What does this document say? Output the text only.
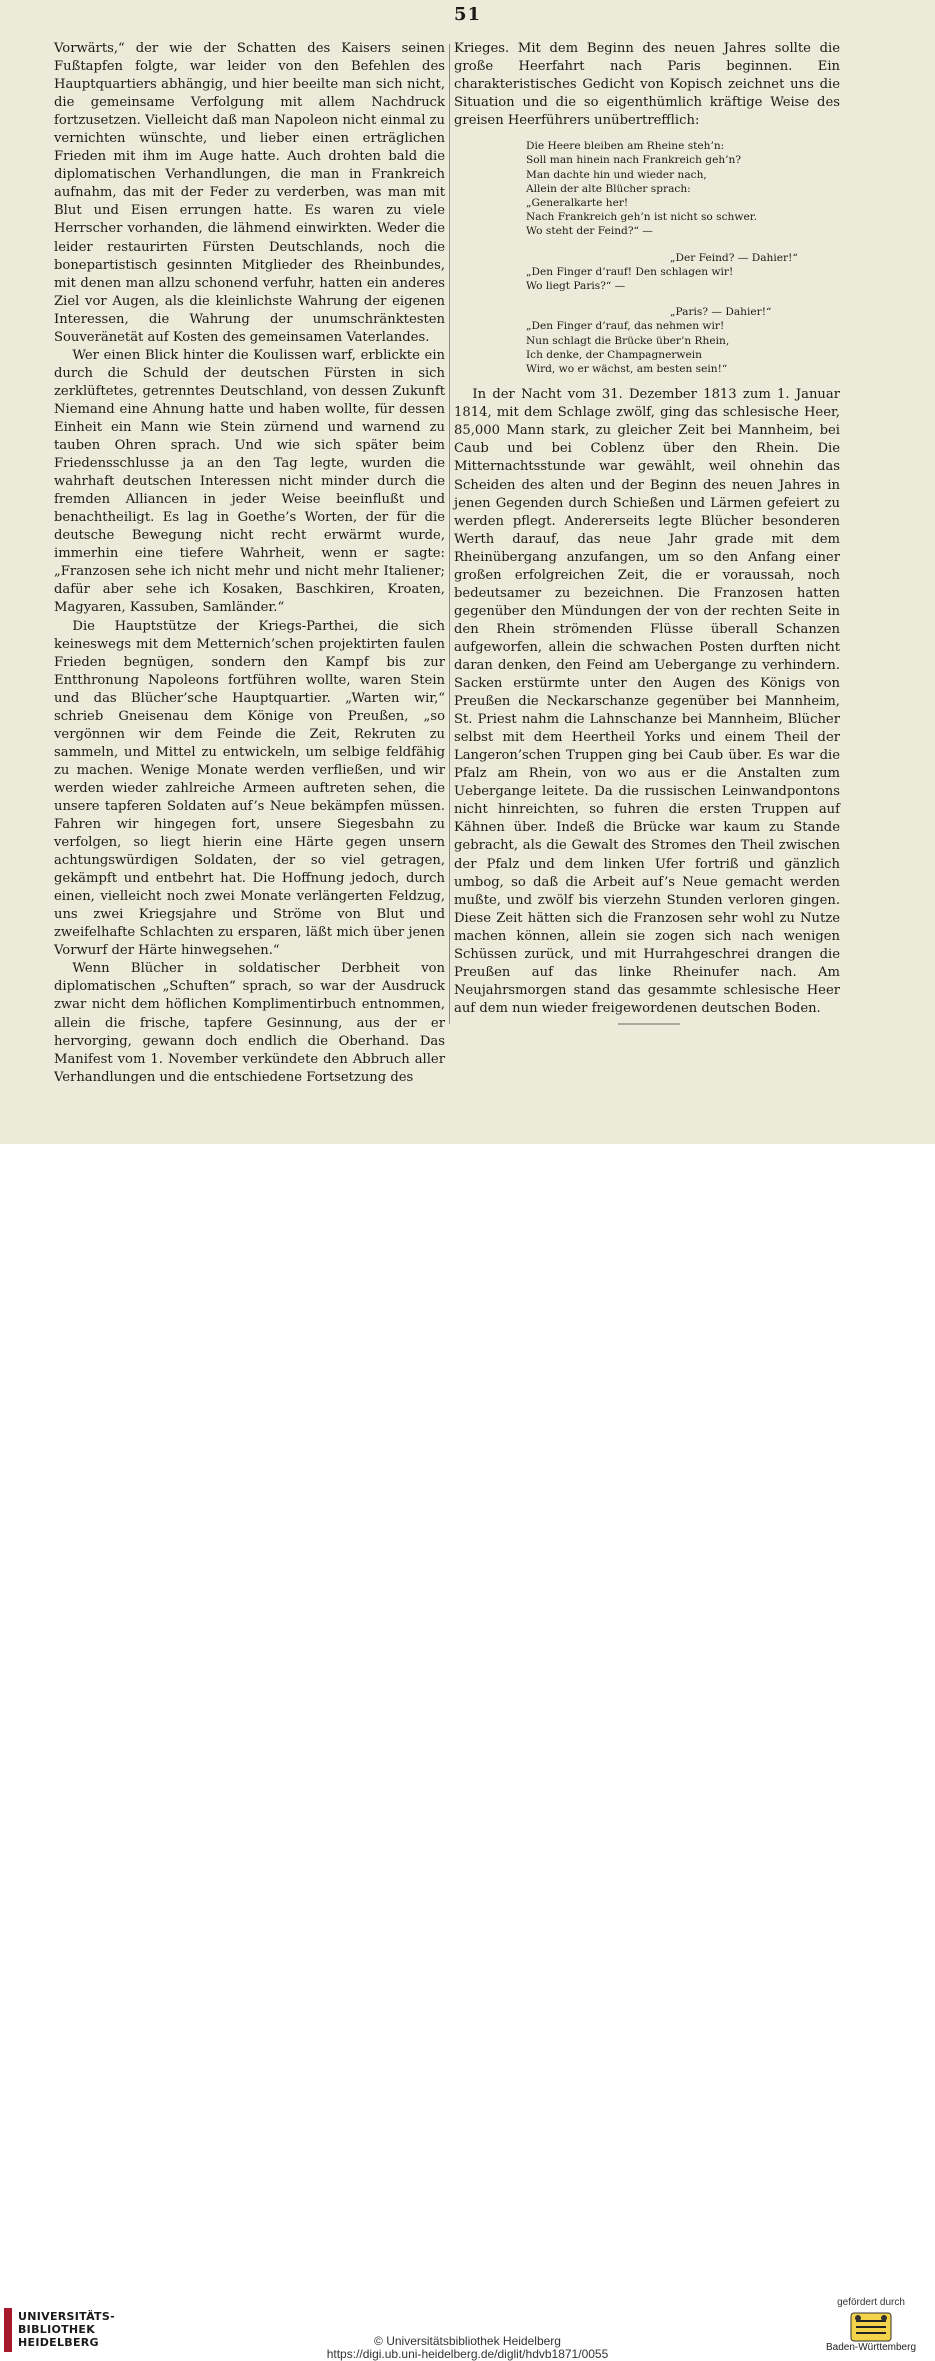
51

Vorwärts,“ der wie der Schatten des Kaisers seinen Fußtapfen folgte, war leider von den Befehlen des Hauptquartiers abhängig, und hier beeilte man sich nicht, die gemeinsame Verfolgung mit allem Nachdruck fortzusetzen. Vielleicht daß man Napoleon nicht einmal zu vernichten wünschte, und lieber einen erträglichen Frieden mit ihm im Auge hatte. Auch drohten bald die diplomatischen Verhandlungen, die man in Frankreich aufnahm, das mit der Feder zu verderben, was man mit Blut und Eisen errungen hatte. Es waren zu viele Herrscher vorhanden, die lähmend einwirkten. Weder die leider restaurirten Fürsten Deutschlands, noch die bonepartistisch gesinnten Mitglieder des Rheinbundes, mit denen man allzu schonend verfuhr, hatten ein anderes Ziel vor Augen, als die kleinlichste Wahrung der eigenen Interessen, die Wahrung der unumschränktesten Souveränetät auf Kosten des gemeinsamen Vaterlandes.

Wer einen Blick hinter die Koulissen warf, erblickte ein durch die Schuld der deutschen Fürsten in sich zerklüftetes, getrenntes Deutschland, von dessen Zukunft Niemand eine Ahnung hatte und haben wollte, für dessen Einheit ein Mann wie Stein zürnend und warnend zu tauben Ohren sprach. Und wie sich später beim Friedensschlusse ja an den Tag legte, wurden die wahrhaft deutschen Interessen nicht minder durch die fremden Alliancen in jeder Weise beeinflußt und benachtheiligt. Es lag in Goethe’s Worten, der für die deutsche Bewegung nicht recht erwärmt wurde, immerhin eine tiefere Wahrheit, wenn er sagte: „Franzosen sehe ich nicht mehr und nicht mehr Italiener; dafür aber sehe ich Kosaken, Baschkiren, Kroaten, Magyaren, Kassuben, Samländer.“

Die Hauptstütze der Kriegs-Parthei, die sich keineswegs mit dem Metternich’schen projektirten faulen Frieden begnügen, sondern den Kampf bis zur Entthronung Napoleons fortführen wollte, waren Stein und das Blücher’sche Hauptquartier. „Warten wir,“ schrieb Gneisenau dem Könige von Preußen, „so vergönnen wir dem Feinde die Zeit, Rekruten zu sammeln, und Mittel zu entwickeln, um selbige feldfähig zu machen. Wenige Monate werden verfließen, und wir werden wieder zahlreiche Armeen auftreten sehen, die unsere tapferen Soldaten auf’s Neue bekämpfen müssen. Fahren wir hingegen fort, unsere Siegesbahn zu verfolgen, so liegt hierin eine Härte gegen unsern achtungswürdigen Soldaten, der so viel getragen, gekämpft und entbehrt hat. Die Hoffnung jedoch, durch einen, vielleicht noch zwei Monate verlängerten Feldzug, uns zwei Kriegsjahre und Ströme von Blut und zweifelhafte Schlachten zu ersparen, läßt mich über jenen Vorwurf der Härte hinwegsehen.“

Wenn Blücher in soldatischer Derbheit von diplomatischen „Schuften“ sprach, so war der Ausdruck zwar nicht dem höflichen Komplimentirbuch entnommen, allein die frische, tapfere Gesinnung, aus der er hervorging, gewann doch endlich die Oberhand. Das Manifest vom 1. November verkündete den Abbruch aller Verhandlungen und die entschiedene Fortsetzung des

Krieges. Mit dem Beginn des neuen Jahres sollte die große Heerfahrt nach Paris beginnen. Ein charakteristisches Gedicht von Kopisch zeichnet uns die Situation und die so eigenthümlich kräftige Weise des greisen Heerführers unübertrefflich:

Die Heere bleiben am Rheine steh’n:
Soll man hinein nach Frankreich geh’n?
Man dachte hin und wieder nach,
Allein der alte Blücher sprach:
„Generalkarte her!
Nach Frankreich geh’n ist nicht so schwer.
Wo steht der Feind?“ —
„Der Feind? — Dahier!“
„Den Finger d’rauf! Den schlagen wir!
Wo liegt Paris?“ —
„Paris? — Dahier!“
„Den Finger d’rauf, das nehmen wir!
Nun schlagt die Brücke über’n Rhein,
Ich denke, der Champagnerwein
Wird, wo er wächst, am besten sein!“

In der Nacht vom 31. Dezember 1813 zum 1. Januar 1814, mit dem Schlage zwölf, ging das schlesische Heer, 85,000 Mann stark, zu gleicher Zeit bei Mannheim, bei Caub und bei Coblenz über den Rhein. Die Mitternachtsstunde war gewählt, weil ohnehin das Scheiden des alten und der Beginn des neuen Jahres in jenen Gegenden durch Schießen und Lärmen gefeiert zu werden pflegt. Andererseits legte Blücher besonderen Werth darauf, das neue Jahr grade mit dem Rheinübergang anzufangen, um so den Anfang einer großen erfolgreichen Zeit, die er voraussah, noch bedeutsamer zu bezeichnen. Die Franzosen hatten gegenüber den Mündungen der von der rechten Seite in den Rhein strömenden Flüsse überall Schanzen aufgeworfen, allein die schwachen Posten durften nicht daran denken, den Feind am Uebergange zu verhindern. Sacken erstürmte unter den Augen des Königs von Preußen die Neckarschanze gegenüber bei Mannheim, St. Priest nahm die Lahnschanze bei Mannheim, Blücher selbst mit dem Heertheil Yorks und einem Theil der Langeron’schen Truppen ging bei Caub über. Es war die Pfalz am Rhein, von wo aus er die Anstalten zum Uebergange leitete. Da die russischen Leinwandpontons nicht hinreichten, so fuhren die ersten Truppen auf Kähnen über. Indeß die Brücke war kaum zu Stande gebracht, als die Gewalt des Stromes den Theil zwischen der Pfalz und dem linken Ufer fortriß und gänzlich umbog, so daß die Arbeit auf’s Neue gemacht werden mußte, und zwölf bis vierzehn Stunden verloren gingen. Diese Zeit hätten sich die Franzosen sehr wohl zu Nutze machen können, allein sie zogen sich nach wenigen Schüssen zurück, und mit Hurrahgeschrei drangen die Preußen auf das linke Rheinufer nach. Am Neujahrsmorgen stand das gesammte schlesische Heer auf dem nun wieder freigewordenen deutschen Boden.

UNIVERSITÄTS-
BIBLIOTHEK
HEIDELBERG	© Universitätsbibliothek Heidelberg
https://digi.ub.uni-heidelberg.de/diglit/hdvb1871/0055
gefördert durch
Baden-Württemberg
